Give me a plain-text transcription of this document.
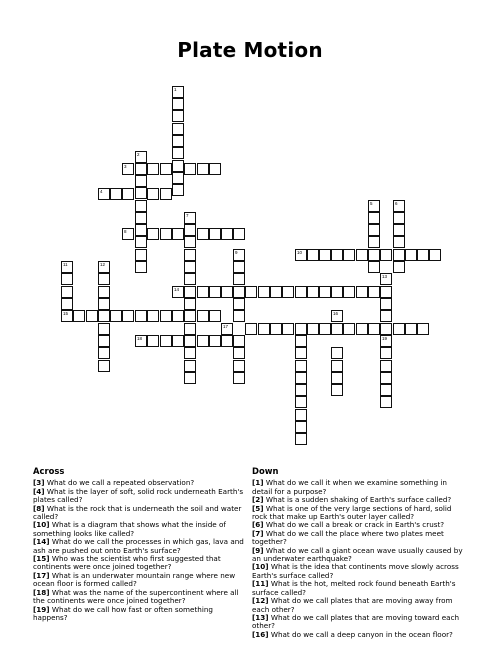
Plate Motion
1
2
3
4
7
8
9
5	6
10
13
11
15
12
14
16
17
18	19
Across

[3] What do we call a repeated observation?

[4] What is the layer of soft, solid rock underneath Earth's plates called?

[8] What is the rock that is underneath the soil and water called?

[10] What is a diagram that shows what the inside of something looks like called?

[14] What do we call the processes in which gas, lava and ash are pushed out onto Earth's surface?

[15] Who was the scientist who first suggested that continents were once joined together?

[17] What is an underwater mountain range where new ocean floor is formed called?

[18] What was the name of the supercontinent where all the continents were once joined together?

[19] What do we call how fast or often something happens?

Down

[1] What do we call it when we examine something in detail for a purpose?

[2] What is a sudden shaking of Earth's surface called?

[5] What is one of the very large sections of hard, solid rock that make up Earth's outer layer called?

[6] What do we call a break or crack in Earth's crust?

[7] What do we call the place where two plates meet together?

[9] What do we call a giant ocean wave usually caused by an underwater earthquake?

[10] What is the idea that continents move slowly across Earth's surface called?

[11] What is the hot, melted rock found beneath Earth's surface called?

[12] What do we call plates that are moving away from each other?

[13] What do we call plates that are moving toward each other?

[16] What do we call a deep canyon in the ocean floor?
